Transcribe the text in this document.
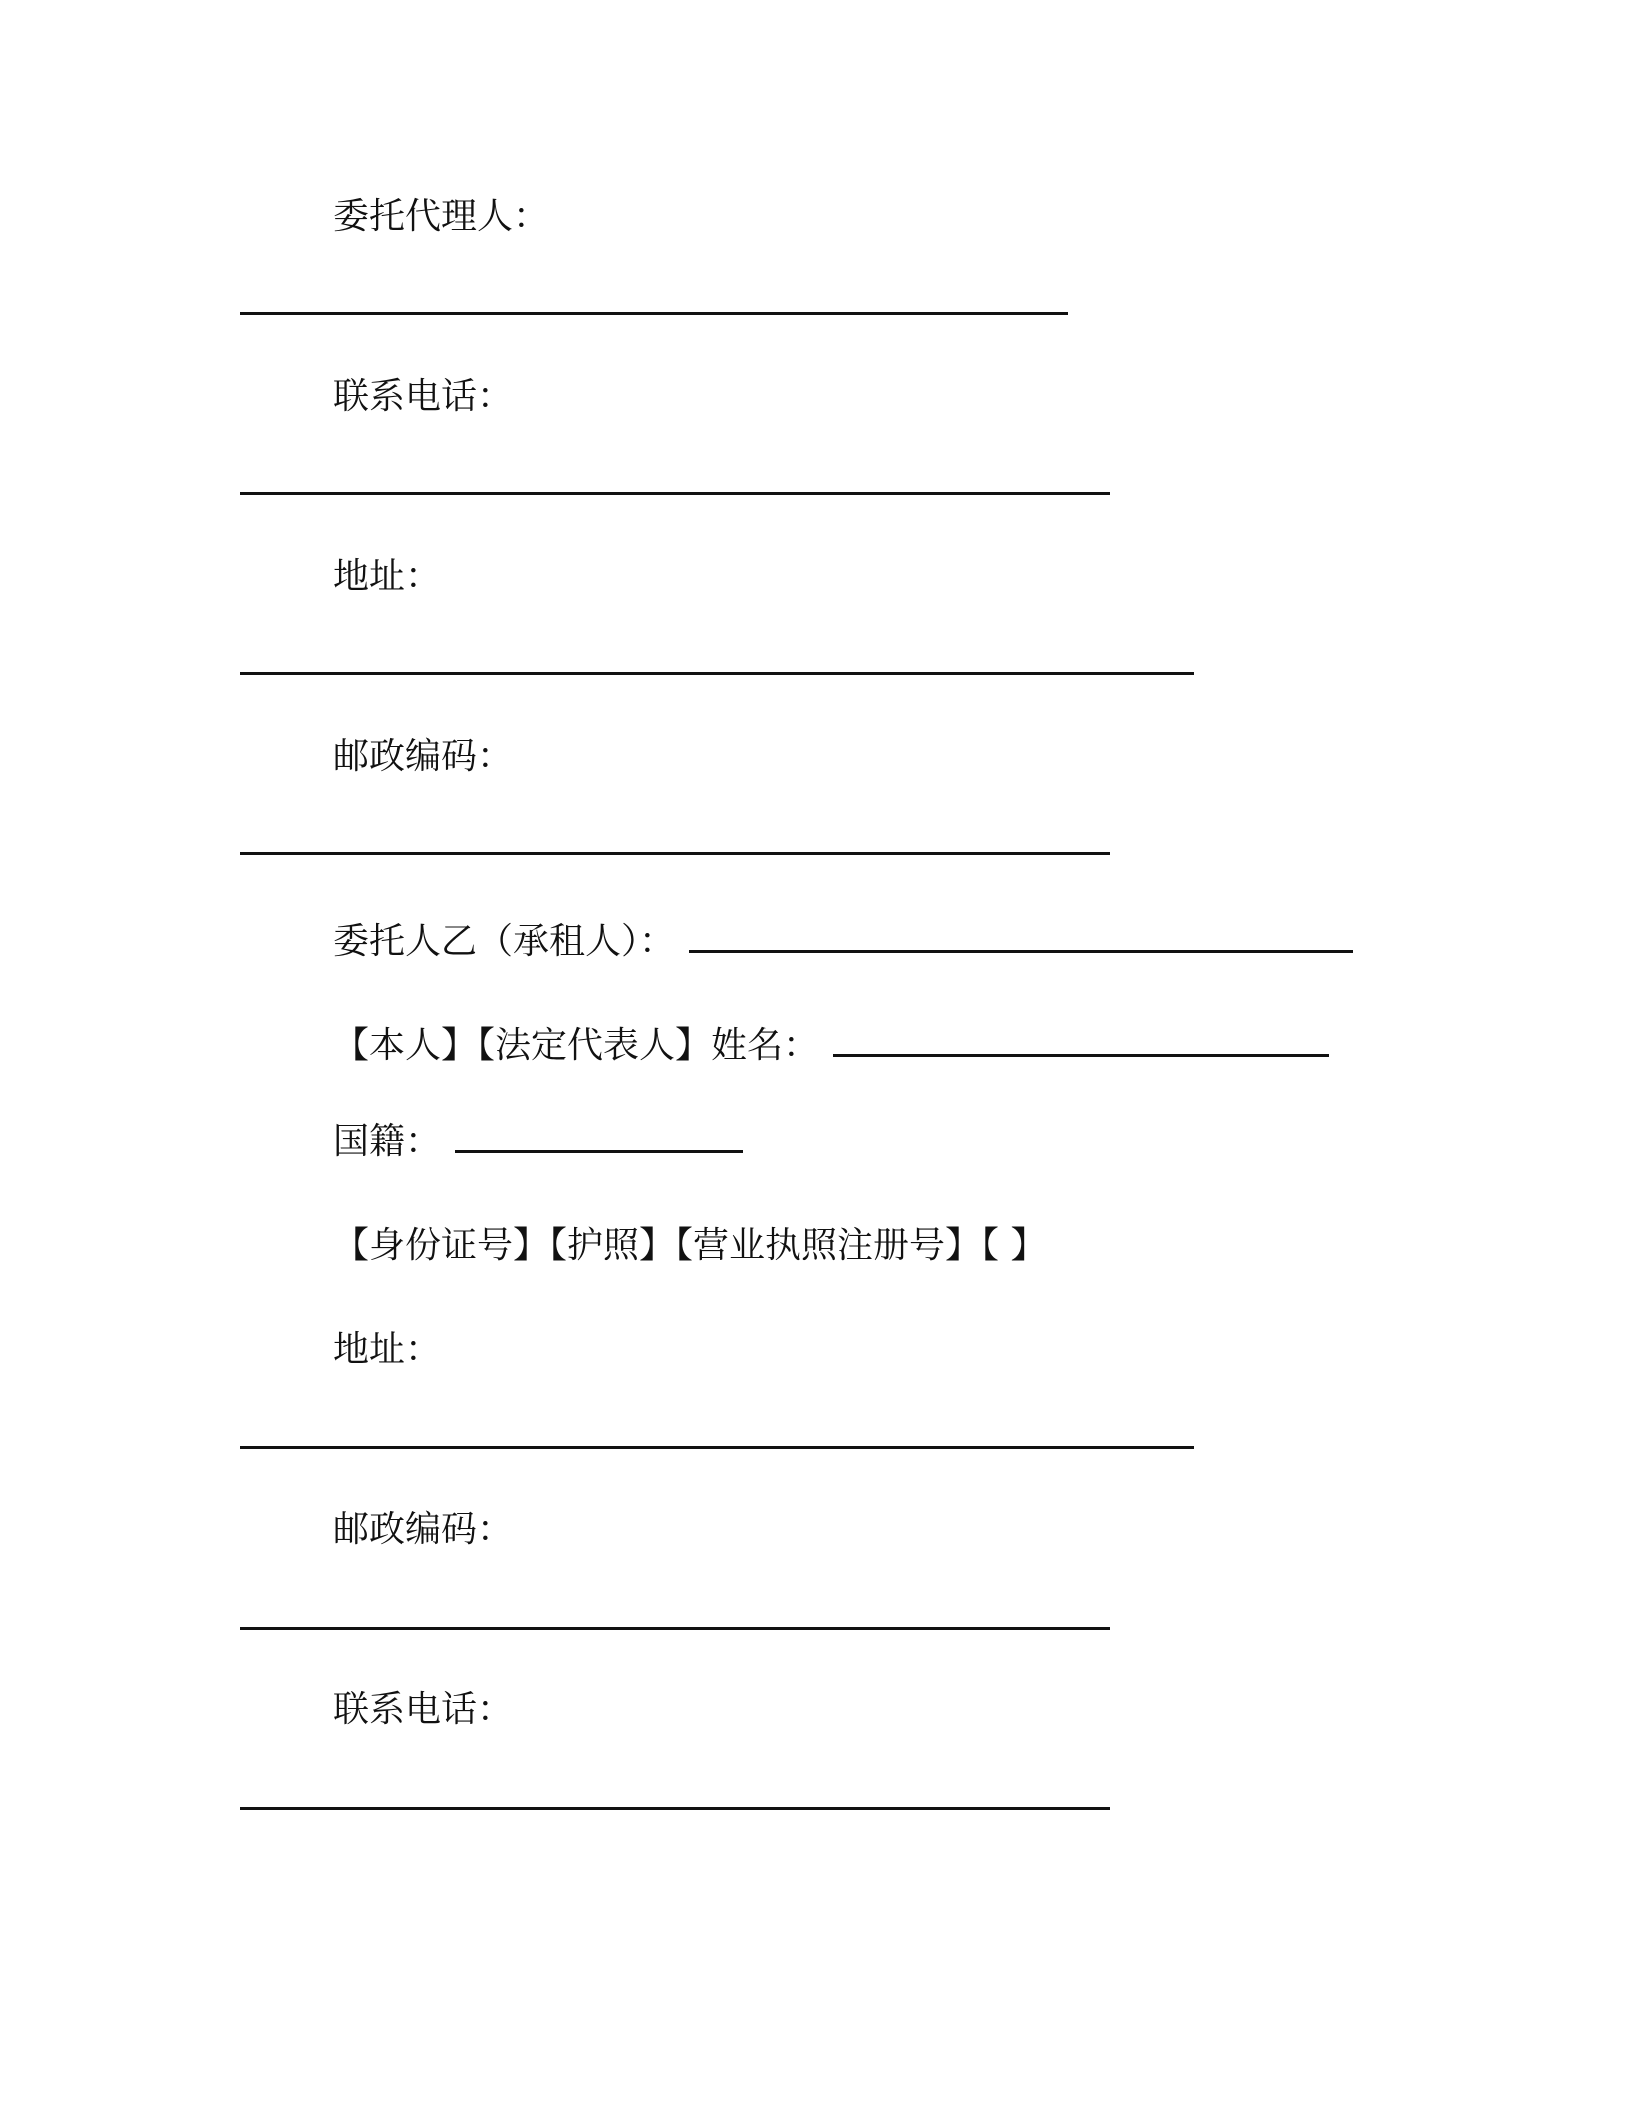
委托代理人：
联系电话：
地址：
邮政编码：
委托人乙（承租人）：
【本人】【法定代表人】姓名：
国籍：
【身份证号】【护照】【营业执照注册号】【 】
地址：
邮政编码：
联系电话：
